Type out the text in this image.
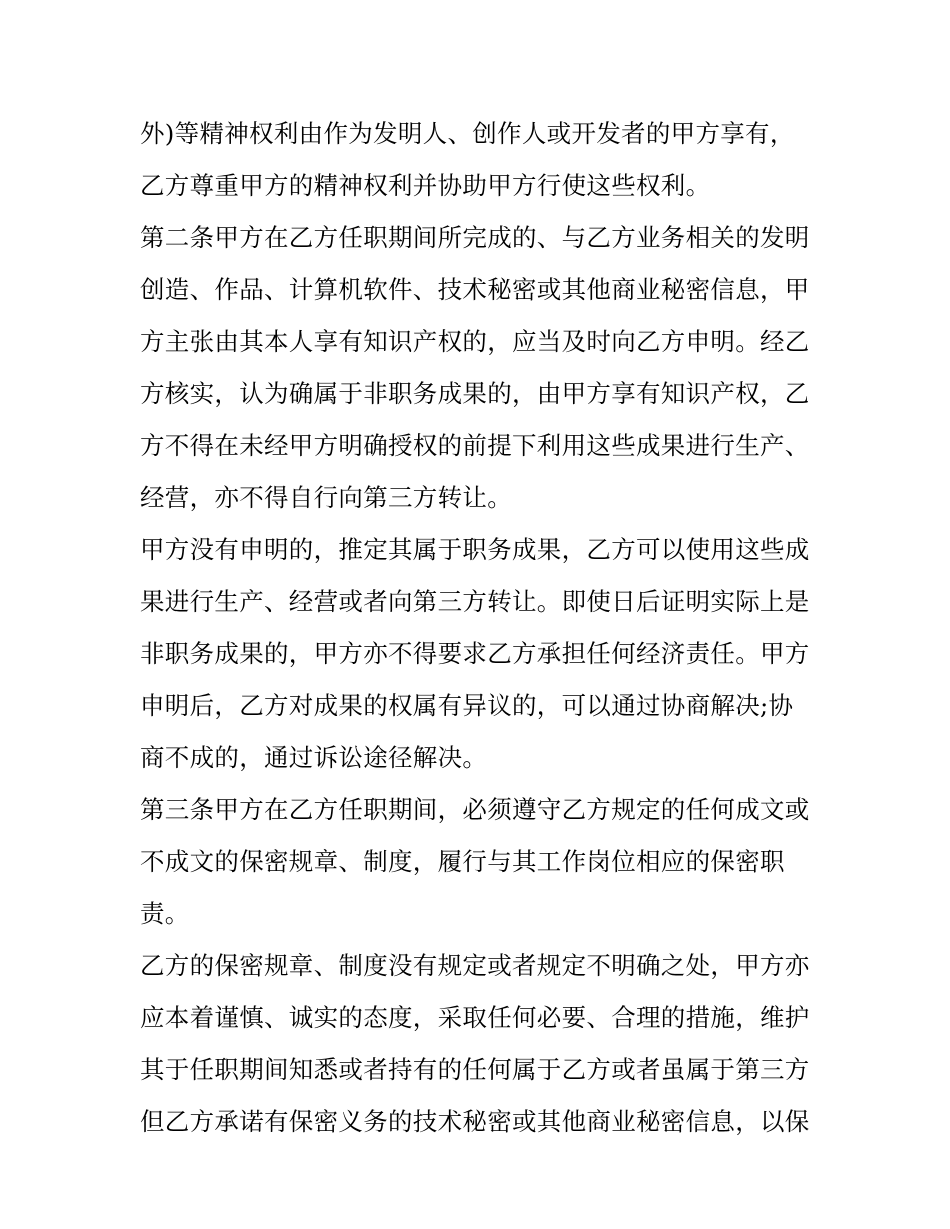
外)等精神权利由作为发明人、创作人或开发者的甲方享有，
乙方尊重甲方的精神权利并协助甲方行使这些权利。
第二条甲方在乙方任职期间所完成的、与乙方业务相关的发明
创造、作品、计算机软件、技术秘密或其他商业秘密信息，甲
方主张由其本人享有知识产权的，应当及时向乙方申明。经乙
方核实，认为确属于非职务成果的，由甲方享有知识产权，乙
方不得在未经甲方明确授权的前提下利用这些成果进行生产、
经营，亦不得自行向第三方转让。
甲方没有申明的，推定其属于职务成果，乙方可以使用这些成
果进行生产、经营或者向第三方转让。即使日后证明实际上是
非职务成果的，甲方亦不得要求乙方承担任何经济责任。甲方
申明后，乙方对成果的权属有异议的，可以通过协商解决;协
商不成的，通过诉讼途径解决。
第三条甲方在乙方任职期间，必须遵守乙方规定的任何成文或
不成文的保密规章、制度，履行与其工作岗位相应的保密职
责。
乙方的保密规章、制度没有规定或者规定不明确之处，甲方亦
应本着谨慎、诚实的态度，采取任何必要、合理的措施，维护
其于任职期间知悉或者持有的任何属于乙方或者虽属于第三方
但乙方承诺有保密义务的技术秘密或其他商业秘密信息，以保
